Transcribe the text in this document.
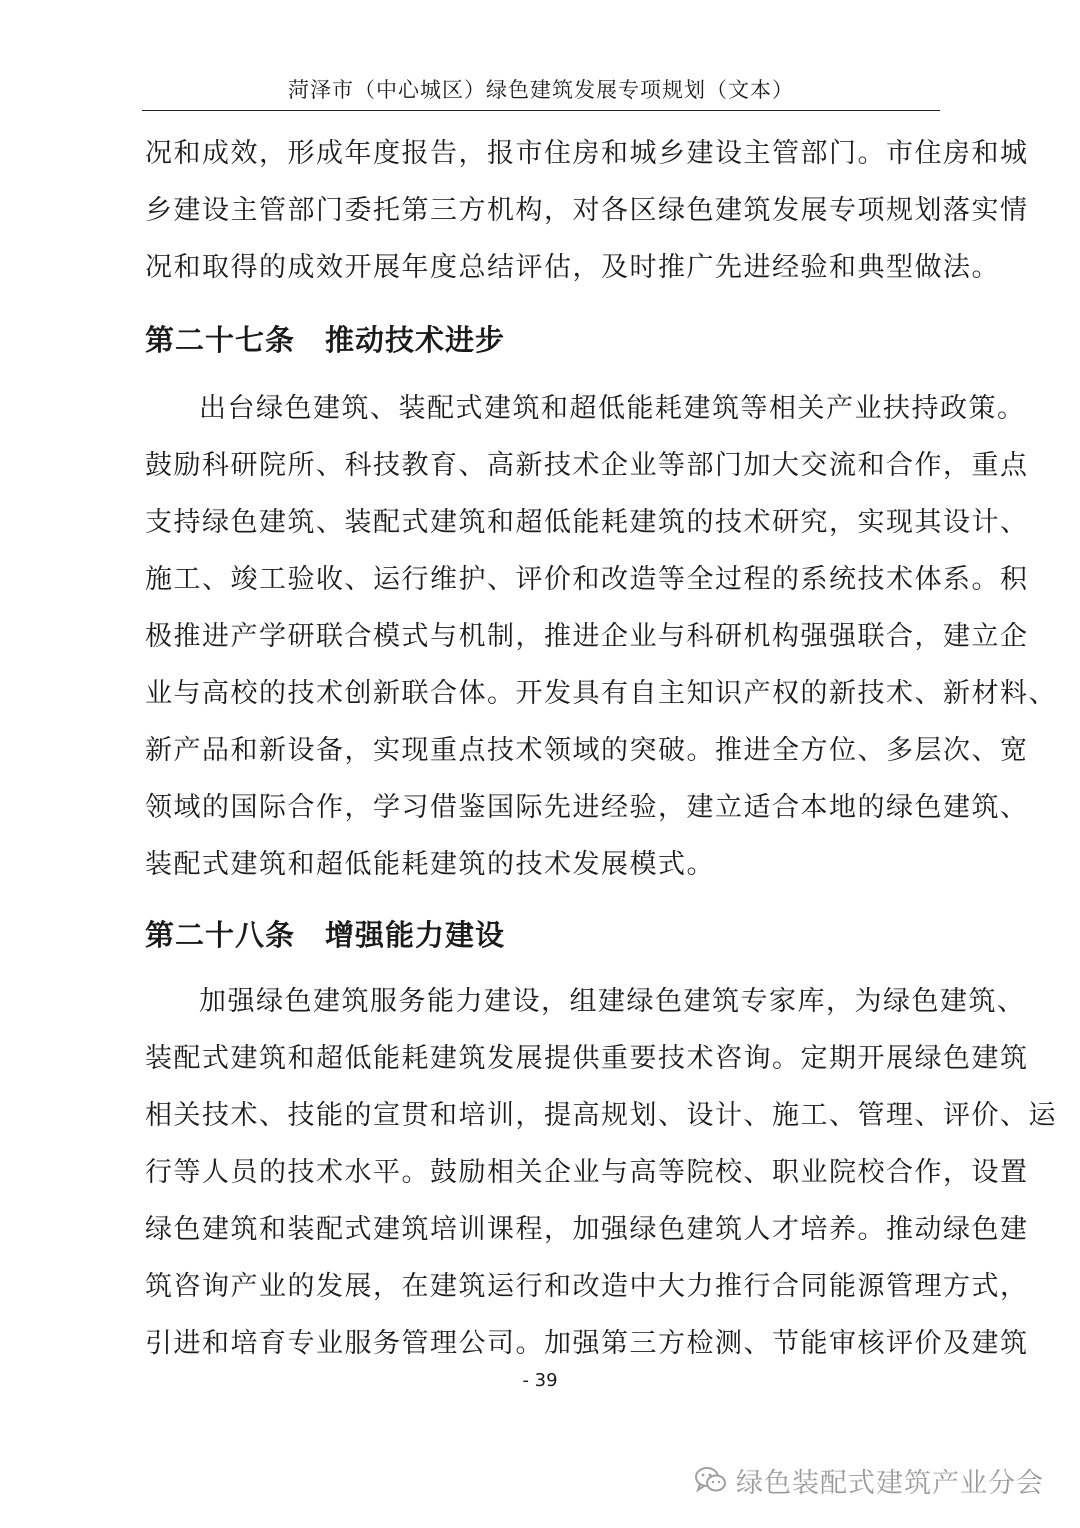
菏泽市（中心城区）绿色建筑发展专项规划（文本）
况和成效，形成年度报告，报市住房和城乡建设主管部门。市住房和城
乡建设主管部门委托第三方机构，对各区绿色建筑发展专项规划落实情
况和取得的成效开展年度总结评估，及时推广先进经验和典型做法。
第二十七条 推动技术进步
出台绿色建筑、装配式建筑和超低能耗建筑等相关产业扶持政策。
鼓励科研院所、科技教育、高新技术企业等部门加大交流和合作，重点
支持绿色建筑、装配式建筑和超低能耗建筑的技术研究，实现其设计、
施工、竣工验收、运行维护、评价和改造等全过程的系统技术体系。积
极推进产学研联合模式与机制，推进企业与科研机构强强联合，建立企
业与高校的技术创新联合体。开发具有自主知识产权的新技术、新材料、
新产品和新设备，实现重点技术领域的突破。推进全方位、多层次、宽
领域的国际合作，学习借鉴国际先进经验，建立适合本地的绿色建筑、
装配式建筑和超低能耗建筑的技术发展模式。
第二十八条 增强能力建设
加强绿色建筑服务能力建设，组建绿色建筑专家库，为绿色建筑、
装配式建筑和超低能耗建筑发展提供重要技术咨询。定期开展绿色建筑
相关技术、技能的宣贯和培训，提高规划、设计、施工、管理、评价、运
行等人员的技术水平。鼓励相关企业与高等院校、职业院校合作，设置
绿色建筑和装配式建筑培训课程，加强绿色建筑人才培养。推动绿色建
筑咨询产业的发展，在建筑运行和改造中大力推行合同能源管理方式，
引进和培育专业服务管理公司。加强第三方检测、节能审核评价及建筑
- 39
绿色装配式建筑产业分会
